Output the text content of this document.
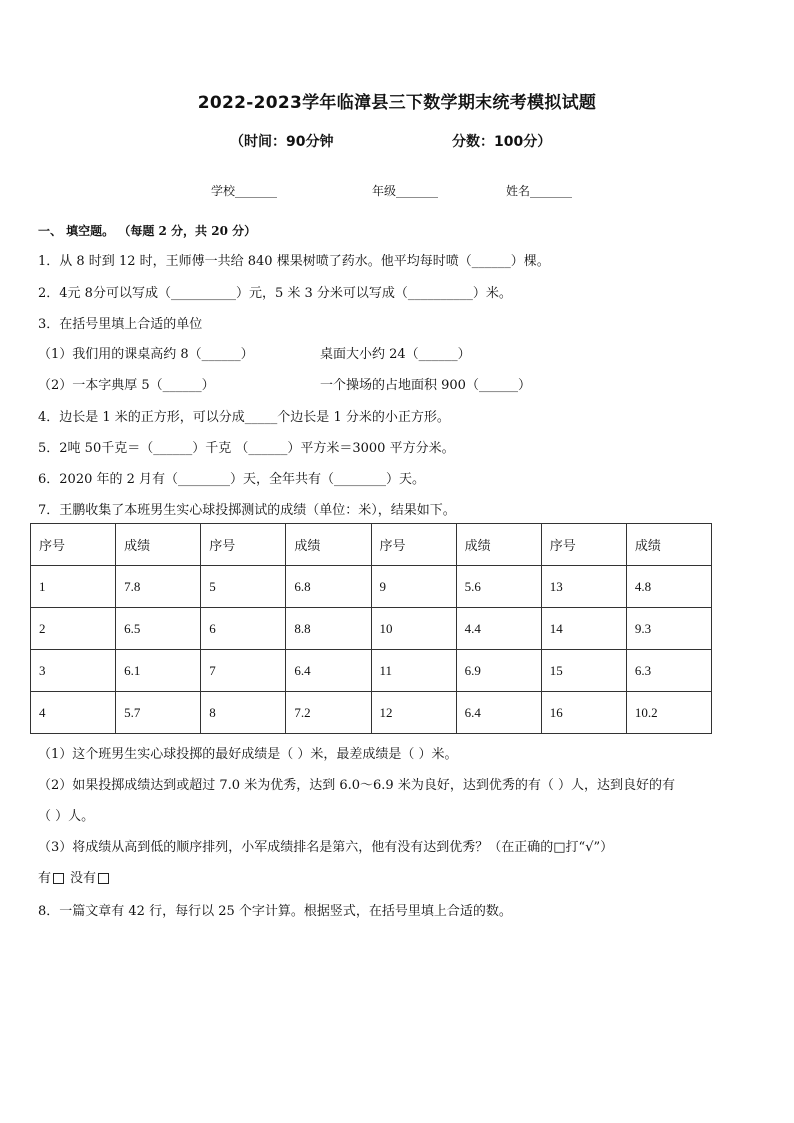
2022-2023学年临漳县三下数学期末统考模拟试题
（时间：90分钟	分数：100分）
学校_______	年级_______	姓名_______
一、 填空题。 （每题 2 分，共 20 分）
1．从 8 时到 12 时，王师傅一共给 840 棵果树喷了药水。他平均每时喷（______）棵。
2．4元 8分可以写成（__________）元，5 米 3 分米可以写成（__________）米。
3．在括号里填上合适的单位
（1）我们用的课桌高约 8（______）	桌面大小约 24（______）
（2）一本字典厚 5（______）	一个操场的占地面积 900（______）
4．边长是 1 米的正方形，可以分成_____个边长是 1 分米的小正方形。
5．2吨 50千克＝（______）千克 （______）平方米＝3000 平方分米。
6．2020 年的 2 月有（________）天，全年共有（________）天。
7．王鹏收集了本班男生实心球投掷测试的成绩（单位：米），结果如下。
序号	成绩	序号	成绩	序号	成绩	序号	成绩
1	7.8	5	6.8	9	5.6	13	4.8
2	6.5	6	8.8	10	4.4	14	9.3
3	6.1	7	6.4	11	6.9	15	6.3
4	5.7	8	7.2	12	6.4	16	10.2
（1）这个班男生实心球投掷的最好成绩是（ ）米，最差成绩是（ ）米。
（2）如果投掷成绩达到或超过 7.0 米为优秀，达到 6.0～6.9 米为良好，达到优秀的有（ ）人，达到良好的有
（ ）人。
（3）将成绩从高到低的顺序排列，小军成绩排名是第六，他有没有达到优秀？（在正确的□打“√”）
有 没有
8．一篇文章有 42 行，每行以 25 个字计算。根据竖式，在括号里填上合适的数。
